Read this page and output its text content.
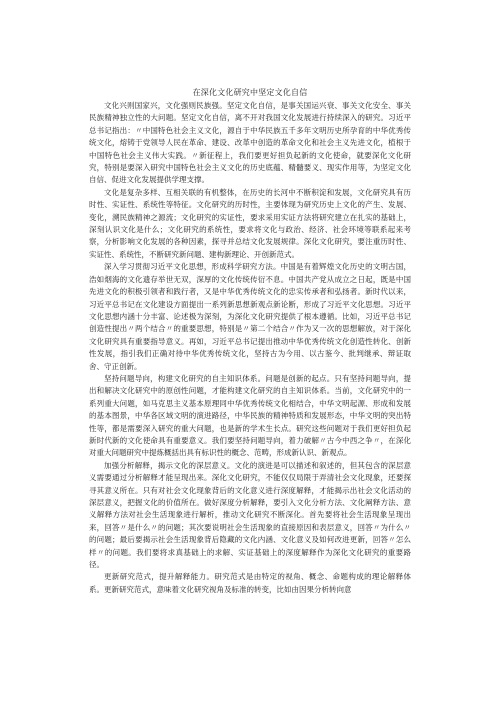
在深化文化研究中坚定文化自信

文化兴则国家兴，文化强则民族强。坚定文化自信，是事关国运兴衰、事关文化安全、事关民族精神独立性的大问题。坚定文化自信，离不开对我国文化发展进行持续深入的研究。习近平总书记指出：〃中国特色社会主义文化，源自于中华民族五千多年文明历史所孕育的中华优秀传统文化，熔铸于党领导人民在革命、建设、改革中创造的革命文化和社会主义先进文化，植根于中国特色社会主义伟大实践。〃新征程上，我们要更好担负起新的文化使命，就要深化文化研究，特别是要深入研究中国特色社会主义文化的历史底蕴、精髓要义、现实作用等，为坚定文化自信、促进文化发展提供学理支撑。

文化是复杂多样、互相关联的有机整体，在历史的长河中不断积淀和发展，文化研究具有历时性、实证性、系统性等特征。文化研究的历时性，主要体现为研究历史上文化的产生、发展、变化，溯民族精神之源流；文化研究的实证性，要求采用实证方法将研究建立在扎实的基础上，深刻认识文化是什么；文化研究的系统性，要求将文化与政治、经济、社会环境等联系起来考察，分析影响文化发展的各种因素，探寻并总结文化发展规律。深化文化研究，要注重历时性、实证性、系统性，不断研究新问题、建构新理论、开创新范式。

深入学习贯彻习近平文化思想，形成科学研究方法。中国是有着辉煌文化历史的文明古国，浩如烟海的文化遗存举世无双，深厚的文化传统传衍不息。中国共产党从成立之日起，既是中国先进文化的积极引领者和践行者，又是中华优秀传统文化的忠实传承者和弘扬者。新时代以来，习近平总书记在文化建设方面提出一系列新思想新观点新论断，形成了习近平文化思想。习近平文化思想内涵十分丰富、论述极为深刻，为深化文化研究提供了根本遵循。比如，习近平总书记创造性提出〃两个结合〃的重要思想，特别是〃第二个结合〃作为又一次的思想解放，对于深化文化研究具有重要指导意义。再如，习近平总书记提出推动中华优秀传统文化创造性转化、创新性发展，指引我们正确对待中华优秀传统文化，坚持古为今用、以古鉴今、批判继承、辩证取舍、守正创新。

坚持问题导向，构建文化研究的自主知识体系。问题是创新的起点。只有坚持问题导向，提出和解决文化研究中的原创性问题，才能构建文化研究的自主知识体系。当前，文化研究中的一系列重大问题，如马克思主义基本原理同中华优秀传统文化相结合，中华文明起源、形成和发展的基本图景，中华各区域文明的演进路径，中华民族的精神特质和发展形态，中华文明的突出特性等，都是需要深入研究的重大问题，也是新的学术生长点。研究这些问题对于我们更好担负起新时代新的文化使命具有重要意义。我们要坚持问题导向，着力破解〃古今中西之争〃，在深化对重大问题研究中提炼概括出具有标识性的概念、范畴，形成新认识、新观点。

加强分析解释，揭示文化的深层意义。文化的演进是可以描述和叙述的，但其包含的深层意义需要通过分析解释才能呈现出来。深化文化研究，不能仅仅局限于弄清社会文化现象，还要探寻其意义所在。只有对社会文化现象背后的文化意义进行深度解释，才能揭示出社会文化活动的深层意义，把握文化的价值所在。做好深度分析解释，要引入文化分析方法、文化阐释方法、意义解释方法对社会生活现象进行解析，推动文化研究不断深化。首先要将社会生活现象呈现出来，回答〃是什么〃的问题；其次要说明社会生活现象的直接原因和表层意义，回答〃为什么〃的问题；最后要揭示社会生活现象背后隐藏的文化内涵、文化意义及如何改进更新，回答〃怎么样〃的问题。我们要将求真基础上的求解、实证基础上的深度解释作为深化文化研究的重要路径。

更新研究范式，提升解释能力。研究范式是由特定的视角、概念、命题构成的理论解释体系。更新研究范式，意味着文化研究视角及标准的转变，比如由因果分析转向意
